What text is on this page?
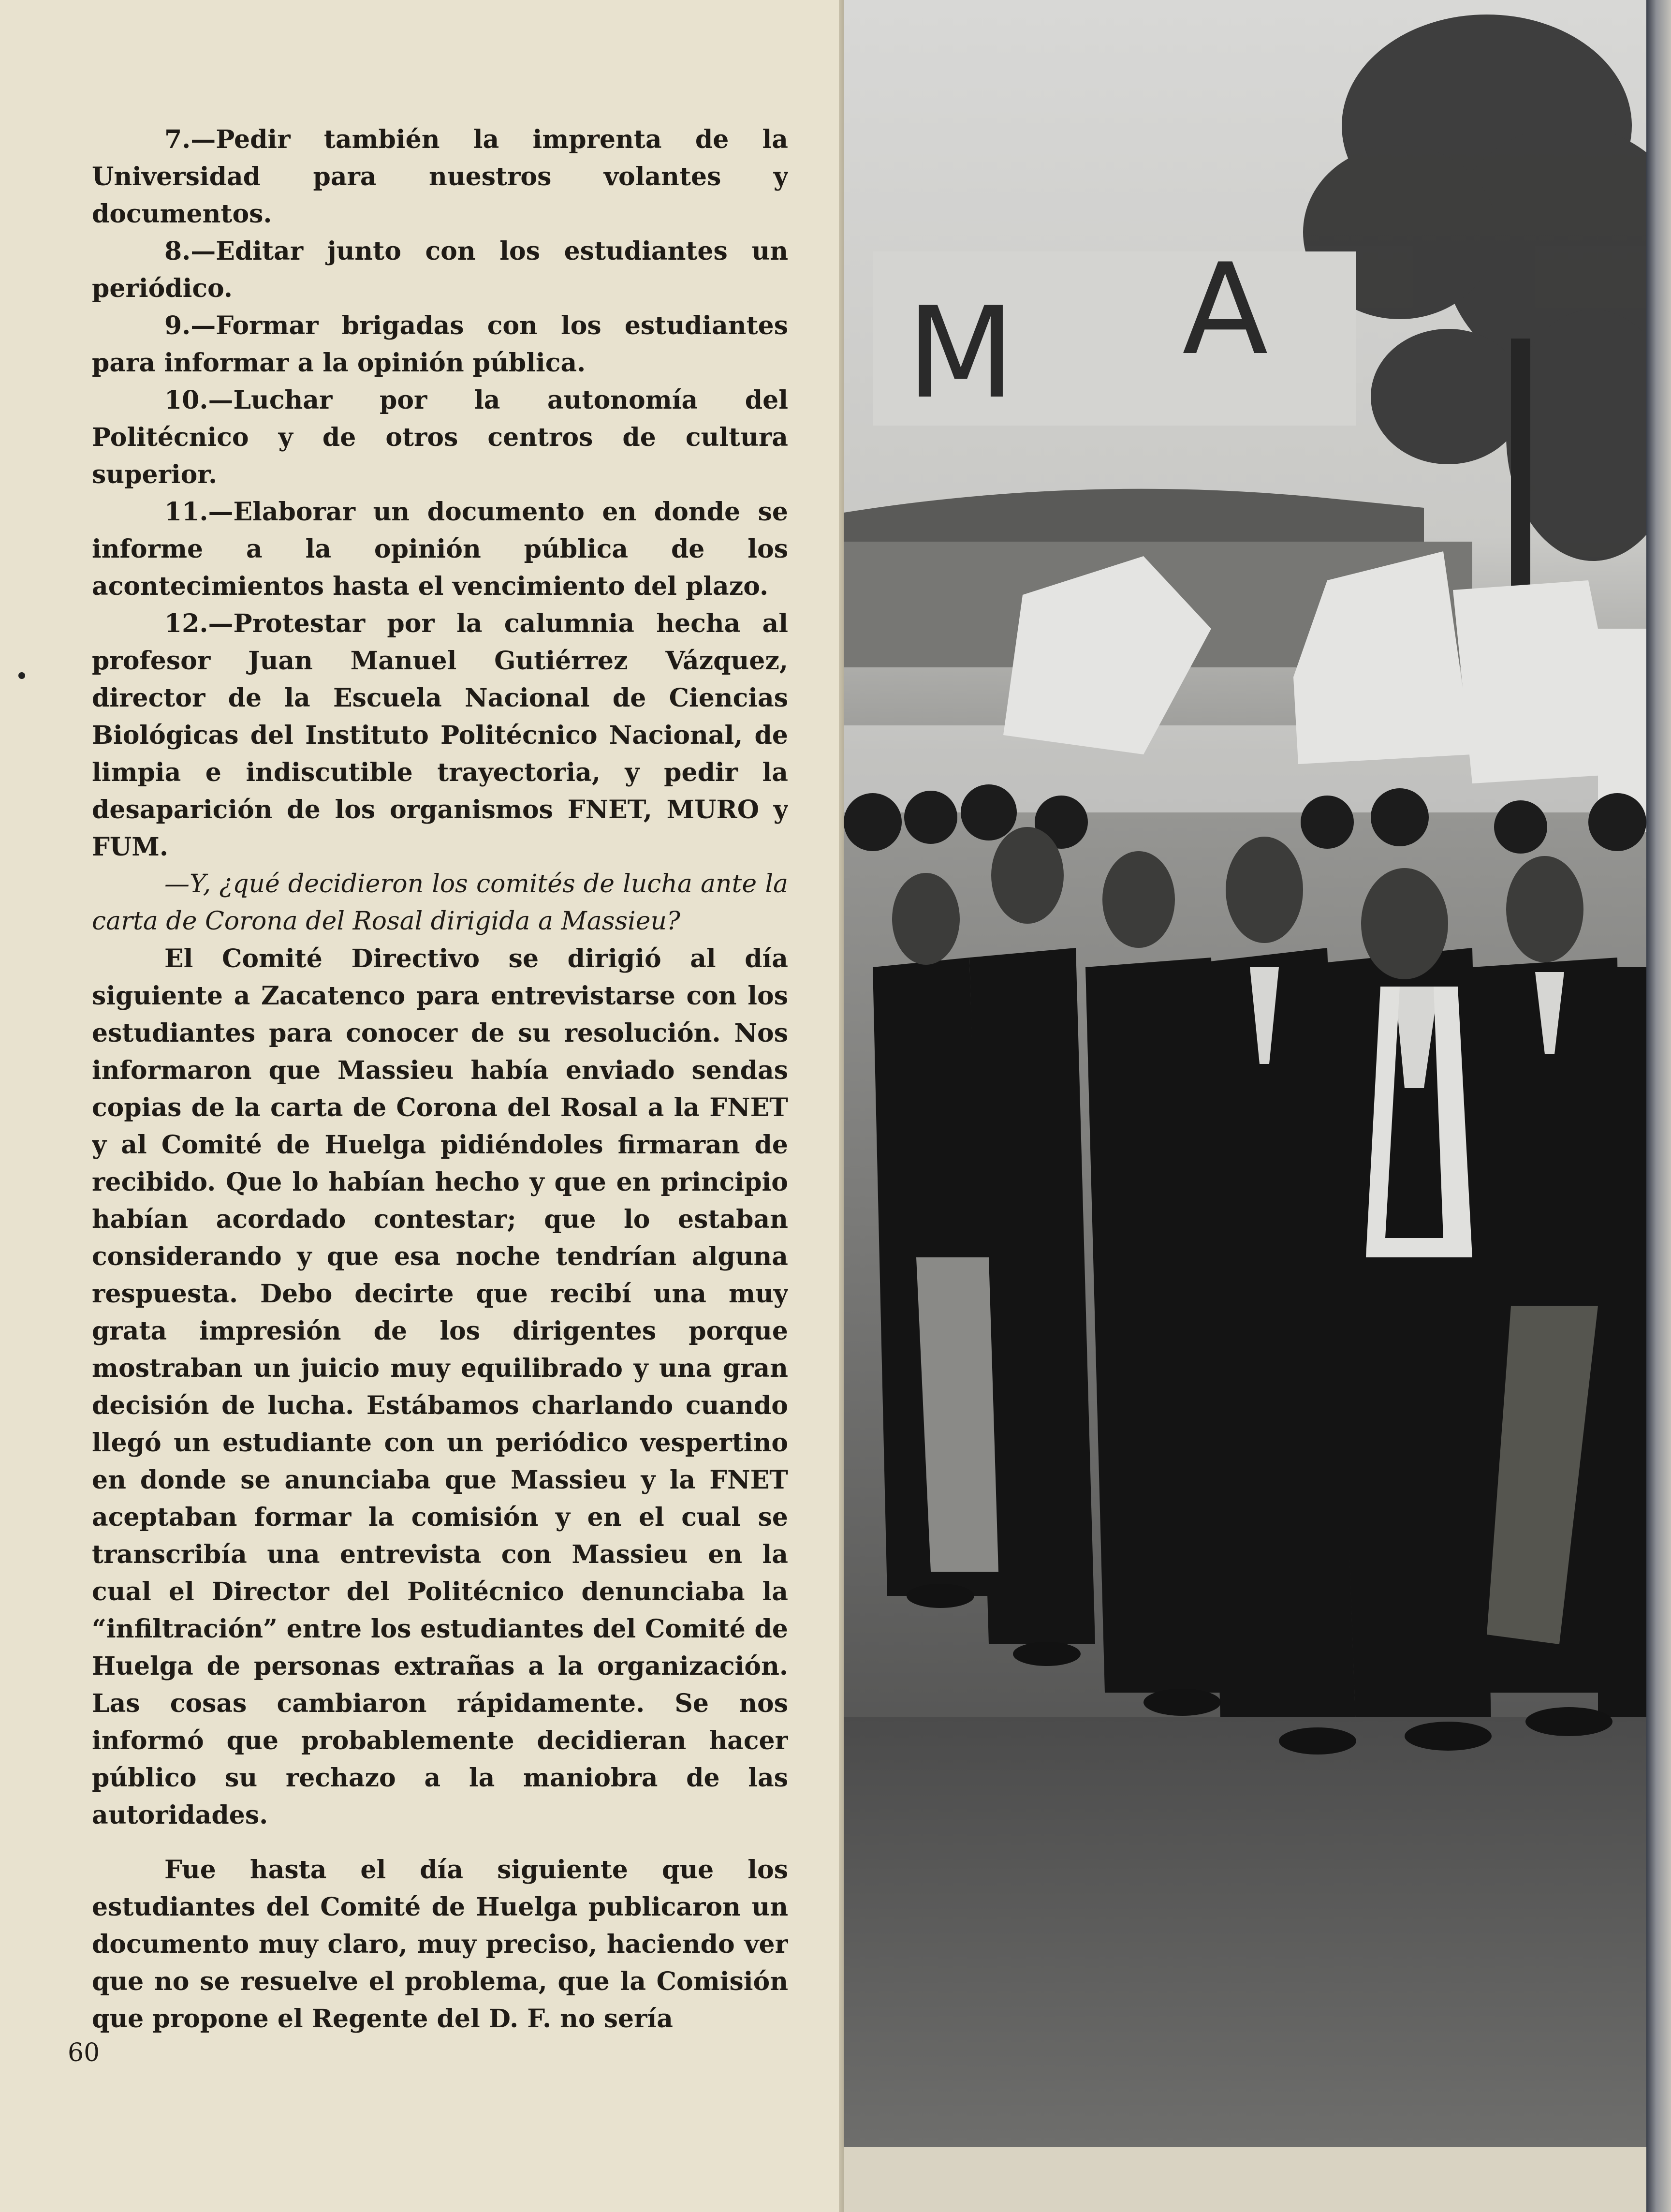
7.—Pedir también la imprenta de la Universidad para nuestros volantes y documentos.

8.—Editar junto con los estudiantes un periódico.

9.—Formar brigadas con los estudiantes para informar a la opinión pública.

10.—Luchar por la autonomía del Politécnico y de otros centros de cultura superior.

11.—Elaborar un documento en donde se informe a la opinión pública de los acontecimientos hasta el vencimiento del plazo.

12.—Protestar por la calumnia hecha al profesor Juan Manuel Gutiérrez Vázquez, director de la Escuela Nacional de Ciencias Biológicas del Instituto Politécnico Nacional, de limpia e indiscutible trayectoria, y pedir la desaparición de los organismos FNET, MURO y FUM.

—Y, ¿qué decidieron los comités de lucha ante la carta de Corona del Rosal dirigida a Massieu?

El Comité Directivo se dirigió al día siguiente a Zacatenco para entrevistarse con los estudiantes para conocer de su resolución. Nos informaron que Massieu había enviado sendas copias de la carta de Corona del Rosal a la FNET y al Comité de Huelga pidiéndoles firmaran de recibido. Que lo habían hecho y que en principio habían acordado contestar; que lo estaban considerando y que esa noche tendrían alguna respuesta. Debo decirte que recibí una muy grata impresión de los dirigentes porque mostraban un juicio muy equilibrado y una gran decisión de lucha. Estábamos charlando cuando llegó un estudiante con un periódico vespertino en donde se anunciaba que Massieu y la FNET aceptaban formar la comisión y en el cual se transcribía una entrevista con Massieu en la cual el Director del Politécnico denunciaba la “infiltración” entre los estudiantes del Comité de Huelga de personas extrañas a la organización. Las cosas cambiaron rápidamente. Se nos informó que probablemente decidieran hacer público su rechazo a la maniobra de las autoridades.

Fue hasta el día siguiente que los estudiantes del Comité de Huelga publicaron un documento muy claro, muy preciso, haciendo ver que no se resuelve el problema, que la Comisión que propone el Regente del D. F. no sería

60
M A
